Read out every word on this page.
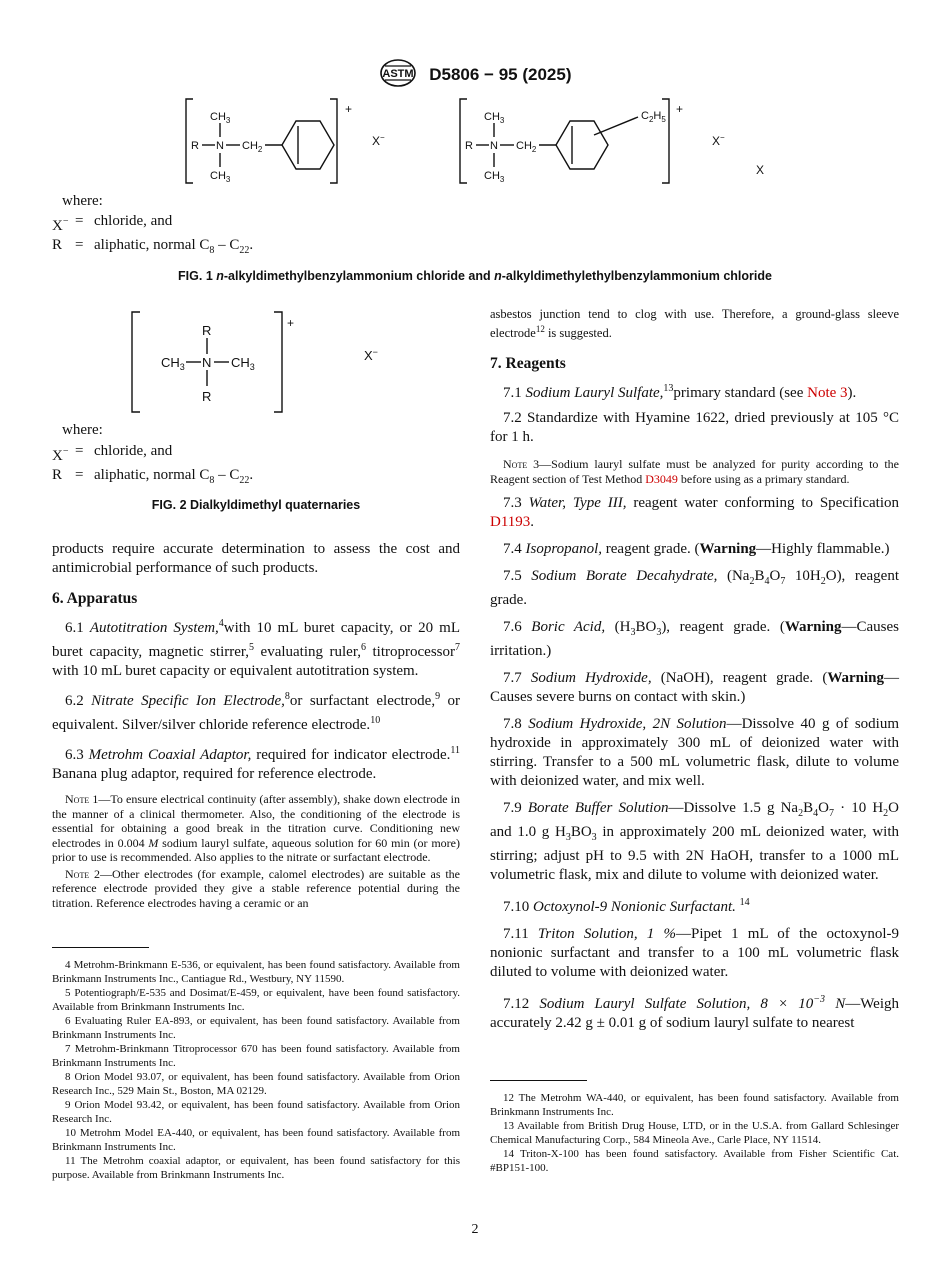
ASTM D5806 − 95 (2025)
$CH_3$
$CH_3$
R N $CH_2$
+
X−
$CH_3$
$CH_3$
R N $CH_2$
$C_2H_5$
+
X−
X
where:
X−	=	chloride, and
R	=	aliphatic, normal $C_8 - C_{22}$.
FIG. 1 n-alkyldimethylbenzylammonium chloride and n-alkyldimethylethylbenzylammonium chloride
R
N
R
$CH_3$	$CH_3$
+
X−
where:
X−	=	chloride, and
R	=	aliphatic, normal $C_8 - C_{22}$.
FIG. 2 Dialkyldimethyl quaternaries
products require accurate determination to assess the cost and antimicrobial performance of such products.
6. Apparatus
6.1 Autotitration System,$^4$with 10 mL buret capacity, or 20 mL buret capacity, magnetic stirrer,$^5$ evaluating ruler,$^6$ titroprocessor$^7$ with 10 mL buret capacity or equivalent autotitration system.
6.2 Nitrate Specific Ion Electrode,$^8$or surfactant electrode,$^9$ or equivalent. Silver/silver chloride reference electrode.$^{10}$
6.3 Metrohm Coaxial Adaptor, required for indicator electrode.$^{11}$ Banana plug adaptor, required for reference electrode.
Note 1—To ensure electrical continuity (after assembly), shake down electrode in the manner of a clinical thermometer. Also, the conditioning of the electrode is essential for obtaining a good break in the titration curve. Conditioning new electrodes in 0.004 M sodium lauryl sulfate, aqueous solution for 60 min (or more) prior to use is recommended. Also applies to the nitrate or surfactant electrode.
Note 2—Other electrodes (for example, calomel electrodes) are suitable as the reference electrode provided they give a stable reference potential during the titration. Reference electrodes having a ceramic or an
4 Metrohm-Brinkmann E-536, or equivalent, has been found satisfactory. Available from Brinkmann Instruments Inc., Cantiague Rd., Westbury, NY 11590.
5 Potentiograph/E-535 and Dosimat/E-459, or equivalent, have been found satisfactory. Available from Brinkmann Instruments Inc.
6 Evaluating Ruler EA-893, or equivalent, has been found satisfactory. Available from Brinkmann Instruments Inc.
7 Metrohm-Brinkmann Titroprocessor 670 has been found satisfactory. Available from Brinkmann Instruments Inc.
8 Orion Model 93.07, or equivalent, has been found satisfactory. Available from Orion Research Inc., 529 Main St., Boston, MA 02129.
9 Orion Model 93.42, or equivalent, has been found satisfactory. Available from Orion Research Inc.
10 Metrohm Model EA-440, or equivalent, has been found satisfactory. Available from Brinkmann Instruments Inc.
11 The Metrohm coaxial adaptor, or equivalent, has been found satisfactory for this purpose. Available from Brinkmann Instruments Inc.
asbestos junction tend to clog with use. Therefore, a ground-glass sleeve electrode$^{12}$ is suggested.
7. Reagents
7.1 Sodium Lauryl Sulfate,$^{13}$primary standard (see Note 3).
7.2 Standardize with Hyamine 1622, dried previously at 105 °C for 1 h.
Note 3—Sodium lauryl sulfate must be analyzed for purity according to the Reagent section of Test Method D3049 before using as a primary standard.
7.3 Water, Type III, reagent water conforming to Specification D1193.
7.4 Isopropanol, reagent grade. (Warning—Highly flammable.)
7.5 Sodium Borate Decahydrate, ($Na_2B_4O_7$ $10H_2O$), reagent grade.
7.6 Boric Acid, $(H_3BO_3)$, reagent grade. (Warning—Causes irritation.)
7.7 Sodium Hydroxide, (NaOH), reagent grade. (Warning—Causes severe burns on contact with skin.)
7.8 Sodium Hydroxide, 2N Solution—Dissolve 40 g of sodium hydroxide in approximately 300 mL of deionized water with stirring. Transfer to a 500 mL volumetric flask, dilute to volume with deionized water, and mix well.
7.9 Borate Buffer Solution—Dissolve 1.5 g $Na_2B_4O_7 \cdot 10$ $H_2O$ and 1.0 g $H_3BO_3$ in approximately 200 mL deionized water, with stirring; adjust pH to 9.5 with 2N HaOH, transfer to a 1000 mL volumetric flask, mix and dilute to volume with deionized water.
7.10 Octoxynol-9 Nonionic Surfactant. $^{14}$
7.11 Triton Solution, 1 %—Pipet 1 mL of the octoxynol-9 nonionic surfactant and transfer to a 100 mL volumetric flask diluted to volume with deionized water.
7.12 Sodium Lauryl Sulfate Solution, $8 \times 10^{-3}$ N—Weigh accurately 2.42 g ± 0.01 g of sodium lauryl sulfate to nearest
12 The Metrohm WA-440, or equivalent, has been found satisfactory. Available from Brinkmann Instruments Inc.
13 Available from British Drug House, LTD, or in the U.S.A. from Gallard Schlesinger Chemical Manufacturing Corp., 584 Mineola Ave., Carle Place, NY 11514.
14 Triton-X-100 has been found satisfactory. Available from Fisher Scientific Cat. #BP151-100.
2
